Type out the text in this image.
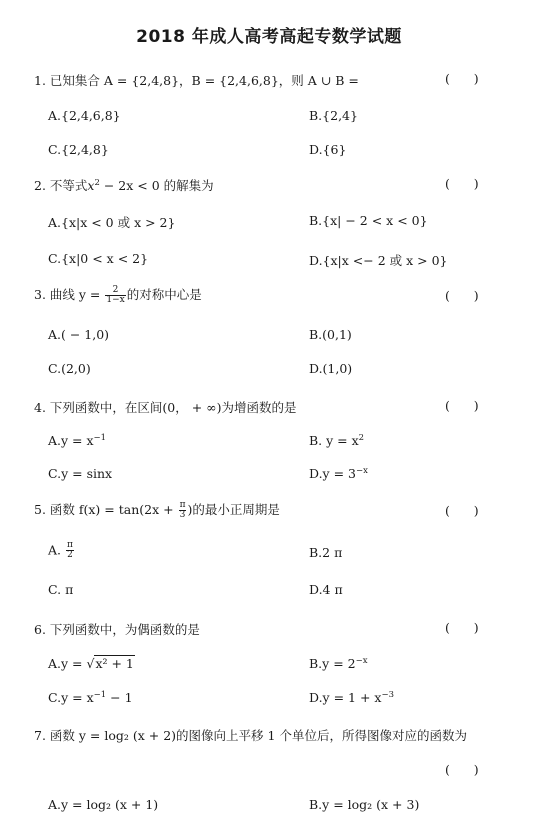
2018 年成人高考高起专数学试题
1. 已知集合 A = {2,4,8}，B = {2,4,6,8}，则 A ∪ B =	(      )
A.{2,4,6,8}	B.{2,4}
C.{2,4,8}	D.{6}
2. 不等式$x^2 - 2x < 0$ 的解集为	(      )
A.{x|x < 0 或 x > 2}	B.{x| − 2 < x < 0}
C.{x|0 < x < 2}	D.{x|x <− 2 或 x > 0}
3. 曲线 $y = \frac{2}{1-x}$ 的对称中心是	(      )
A.( − 1,0)	B.(0,1)
C.(2,0)	D.(1,0)
4. 下列函数中，在区间(0， + ∞)为增函数的是	(      )
$A.y = x^{-1}$	B. $y = x^2$
C.y = sinx	$D.y = 3^{-x}$
5. 函数 $f(x) = \tan(2x + \frac{\pi}{3}$ )的最小正周期是	(      )
A. $\frac{\pi}{2}$	B.2 π
C. π	D.4 π
6. 下列函数中，为偶函数的是	(      )
A.y = √x² + 1	$B.y = 2^{-x}$
$C.y = x^{-1} - 1$	$D.y = 1 + x^{-3}$
7. 函数 y = log₂ (x + 2)的图像向上平移 1 个单位后，所得图像对应的函数为
(      )
A.y = log₂ (x + 1)	B.y = log₂ (x + 3)
